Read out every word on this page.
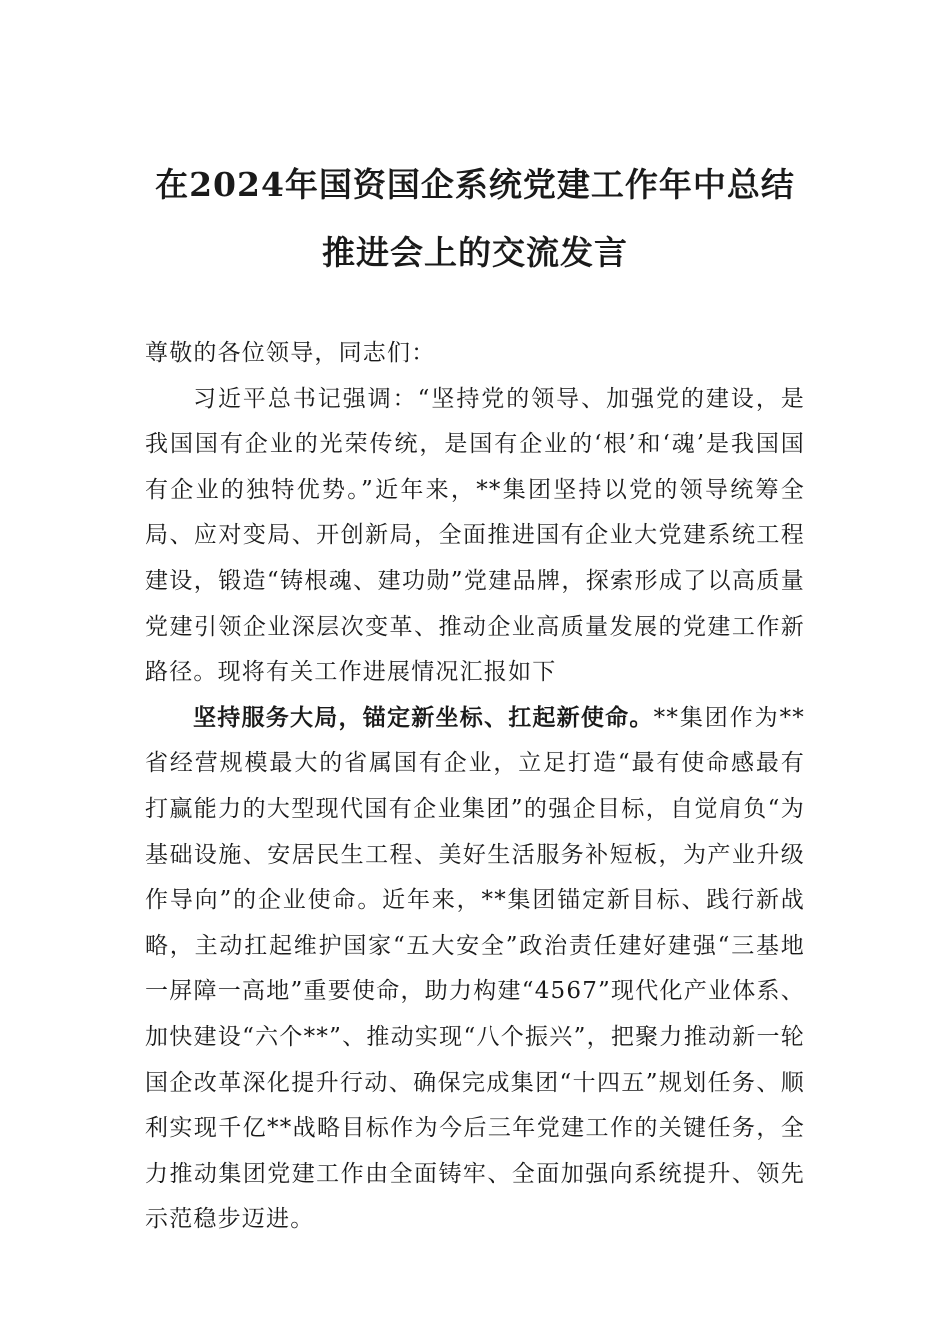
在2024年国资国企系统党建工作年中总结
推进会上的交流发言

尊敬的各位领导，同志们：

习近平总书记强调：“坚持党的领导、加强党的建设，是我国国有企业的光荣传统，是国有企业的‘根’和‘魂’是我国国有企业的独特优势。”近年来，**集团坚持以党的领导统筹全局、应对变局、开创新局，全面推进国有企业大党建系统工程建设，锻造“铸根魂、建功勋”党建品牌，探索形成了以高质量党建引领企业深层次变革、推动企业高质量发展的党建工作新路径。现将有关工作进展情况汇报如下

坚持服务大局，锚定新坐标、扛起新使命。**集团作为**省经营规模最大的省属国有企业，立足打造“最有使命感最有打赢能力的大型现代国有企业集团”的强企目标，自觉肩负“为基础设施、安居民生工程、美好生活服务补短板，为产业升级作导向”的企业使命。近年来，**集团锚定新目标、践行新战略，主动扛起维护国家“五大安全”政治责任建好建强“三基地一屏障一高地”重要使命，助力构建“4567”现代化产业体系、加快建设“六个**”、推动实现“八个振兴”，把聚力推动新一轮国企改革深化提升行动、确保完成集团“十四五”规划任务、顺利实现千亿**战略目标作为今后三年党建工作的关键任务，全力推动集团党建工作由全面铸牢、全面加强向系统提升、领先示范稳步迈进。
